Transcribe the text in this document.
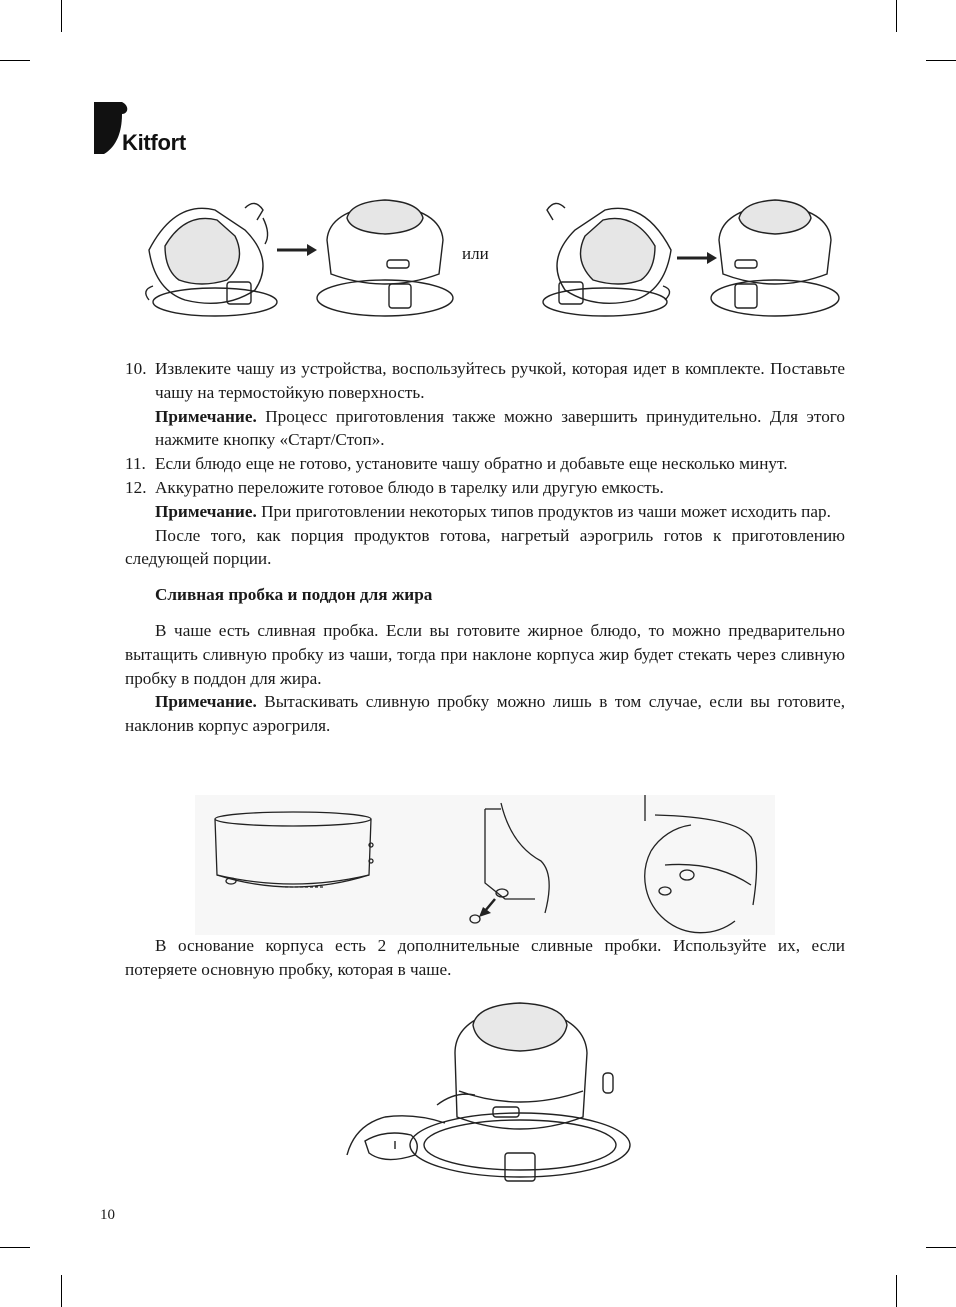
Kitfort
или

10. Извлеките чашу из устройства, воспользуйтесь ручкой, которая идет в комплекте. Поставьте чашу на термостойкую поверхность.

Примечание. Процесс приготовления также можно завершить принудительно. Для этого нажмите кнопку «Старт/Стоп».

11. Если блюдо еще не готово, установите чашу обратно и добавьте еще несколько минут.

12. Аккуратно переложите готовое блюдо в тарелку или другую емкость.

Примечание. При приготовлении некоторых типов продуктов из чаши может исходить пар.

После того, как порция продуктов готова, нагретый аэрогриль готов к приготовлению следующей порции.

Сливная пробка и поддон для жира

В чаше есть сливная пробка. Если вы готовите жирное блюдо, то можно предварительно вытащить сливную пробку из чаши, тогда при наклоне корпуса жир будет стекать через сливную пробку в поддон для жира.

Примечание. Вытаскивать сливную пробку можно лишь в том случае, если вы готовите, наклонив корпус аэрогриля.

В основание корпуса есть 2 дополнительные сливные пробки. Используйте их, если потеряете основную пробку, которая в чаше.

10
